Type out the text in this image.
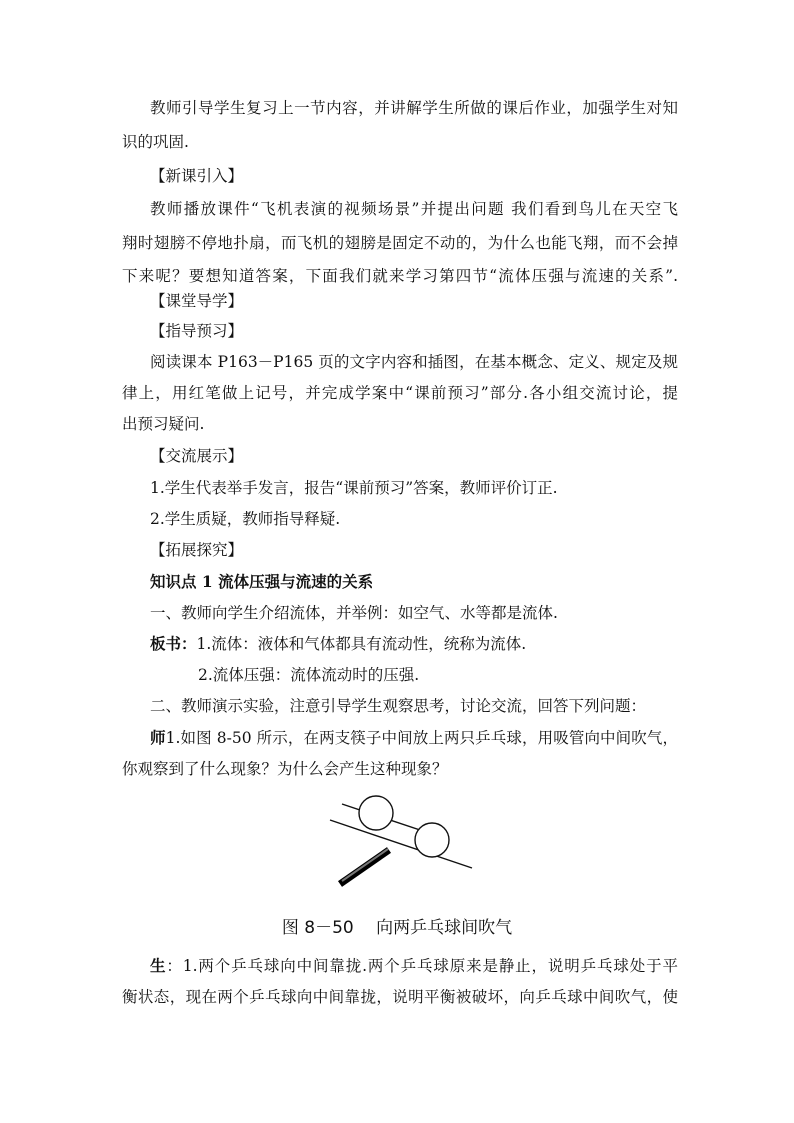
教师引导学生复习上一节内容，并讲解学生所做的课后作业，加强学生对知
识的巩固.
【新课引入】
教师播放课件“飞机表演的视频场景”并提出问题 我们看到鸟儿在天空飞
翔时翅膀不停地扑扇，而飞机的翅膀是固定不动的，为什么也能飞翔，而不会掉
下来呢？要想知道答案，下面我们就来学习第四节“流体压强与流速的关系”.
【课堂导学】
【指导预习】
阅读课本 P163－P165 页的文字内容和插图，在基本概念、定义、规定及规
律上，用红笔做上记号，并完成学案中“课前预习”部分.各小组交流讨论，提
出预习疑问.
【交流展示】
1.学生代表举手发言，报告“课前预习”答案，教师评价订正.
2.学生质疑，教师指导释疑.
【拓展探究】
知识点 1 流体压强与流速的关系
一、教师向学生介绍流体，并举例：如空气、水等都是流体.
板书：1.流体：液体和气体都具有流动性，统称为流体.
2.流体压强：流体流动时的压强.
二、教师演示实验，注意引导学生观察思考，讨论交流，回答下列问题：
师1.如图 8-50 所示，在两支筷子中间放上两只乒乓球，用吸管向中间吹气，
你观察到了什么现象？为什么会产生这种现象？
图 8－50　 向两乒乓球间吹气
生：1.两个乒乓球向中间靠拢.两个乒乓球原来是静止，说明乒乓球处于平
衡状态，现在两个乒乓球向中间靠拢，说明平衡被破坏，向乒乓球中间吹气，使
